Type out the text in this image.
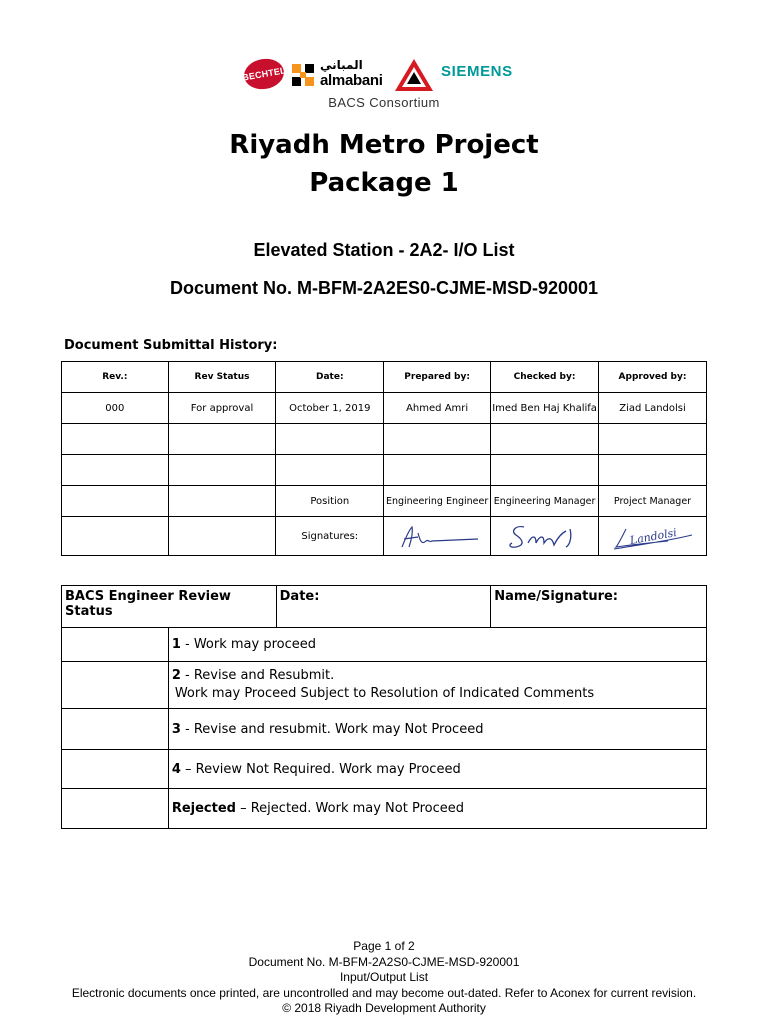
BECHTEL
المباني
almabani
SIEMENS
BACS Consortium
Riyadh Metro Project
Package 1
Elevated Station - 2A2- I/O List
Document No. M-BFM-2A2ES0-CJME-MSD-920001
Document Submittal History:
Rev.:	Rev Status	Date:	Prepared by:	Checked by:	Approved by:
000	For approval	October 1, 2019	Ahmed Amri	Imed Ben Haj Khalifa	Ziad Landolsi

		Position	Engineering Engineer	Engineering Manager	Project Manager
		Signatures:			Landolsi
BACS Engineer Review Status		Date:	Name/Signature:
	1 - Work may proceed		
	2 - Revise and Resubmit.
Work may Proceed Subject to Resolution of Indicated Comments		
	3 - Revise and resubmit. Work may Not Proceed		
	4 – Review Not Required. Work may Proceed		
	Rejected – Rejected. Work may Not Proceed		
Page 1 of 2
Document No. M-BFM-2A2S0-CJME-MSD-920001
Input/Output List
Electronic documents once printed, are uncontrolled and may become out-dated. Refer to Aconex for current revision.
© 2018 Riyadh Development Authority
